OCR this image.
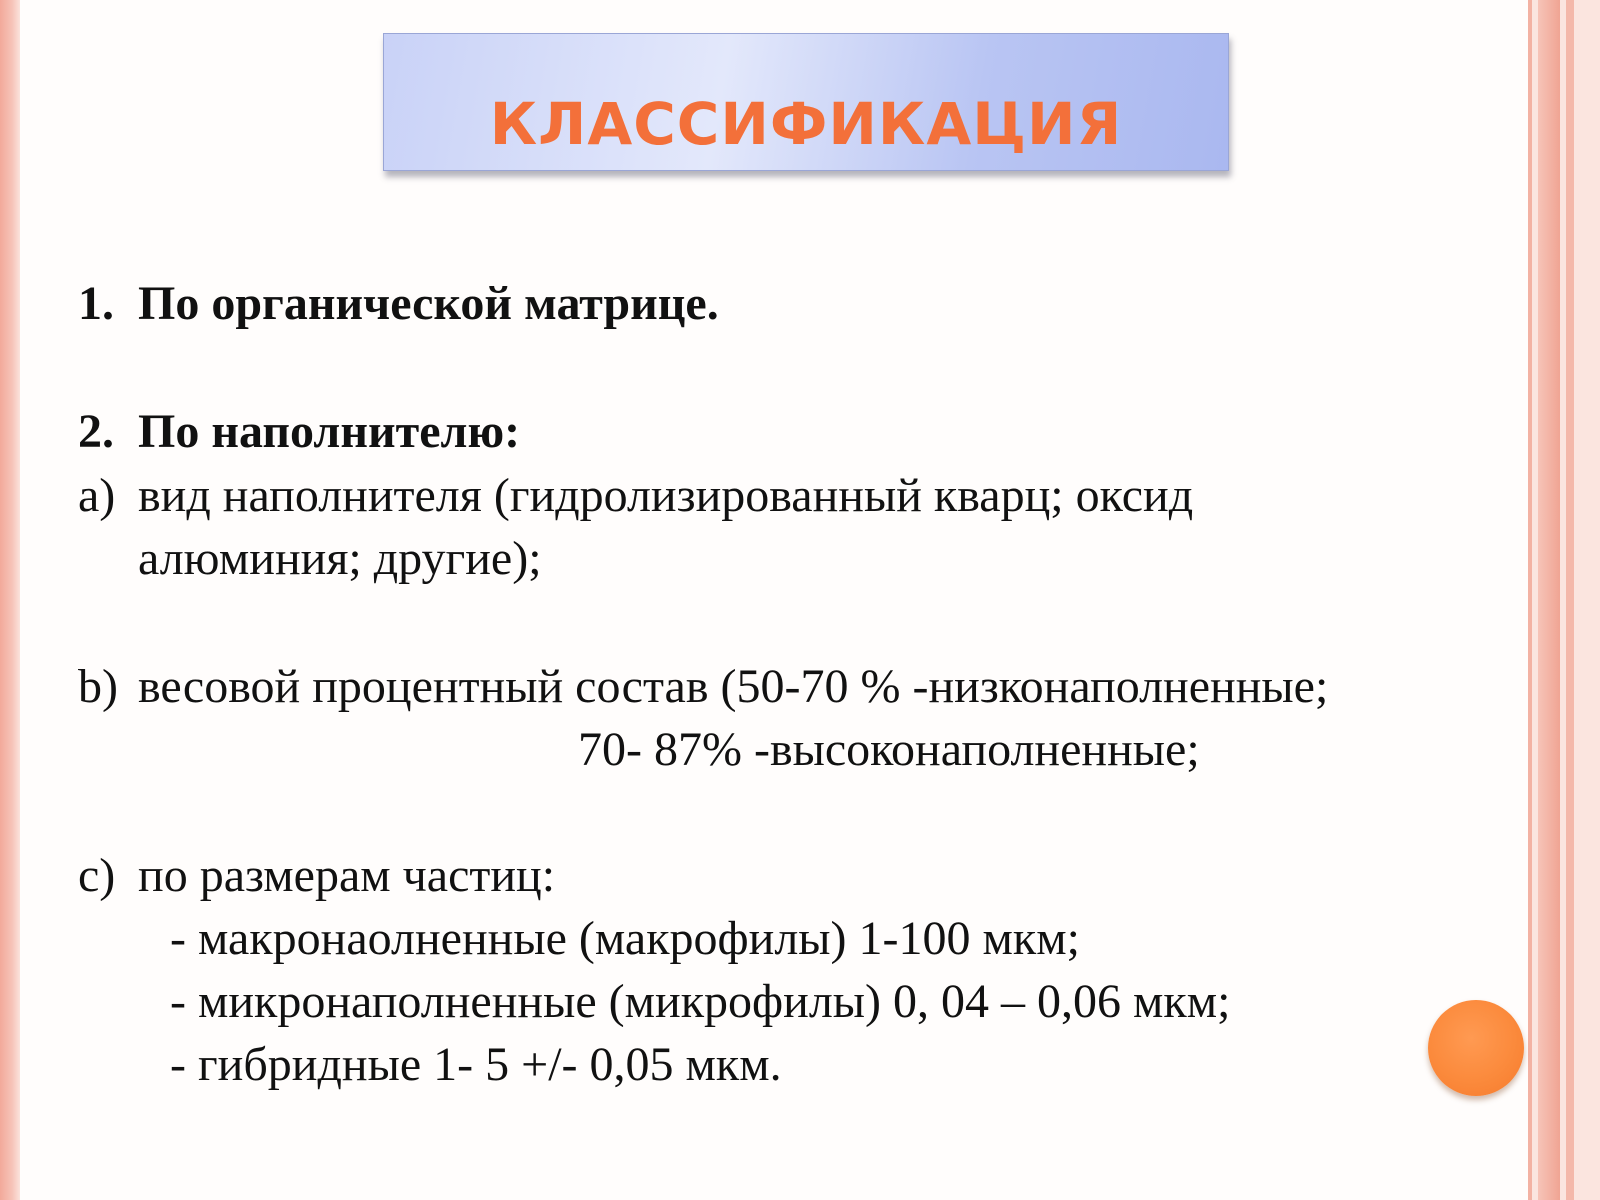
КЛАССИФИКАЦИЯ
1. По органической матрице.
2. По наполнителю:
a) вид наполнителя (гидролизированный кварц; оксид
алюминия; другие);
b) весовой процентный состав (50-70 % -низконаполненные;
70- 87% -высоконаполненные;
c) по размерам частиц:
- макронаолненные (макрофилы) 1-100 мкм;
- микронаполненные (микрофилы) 0, 04 – 0,06 мкм;
- гибридные 1- 5 +/- 0,05 мкм.
